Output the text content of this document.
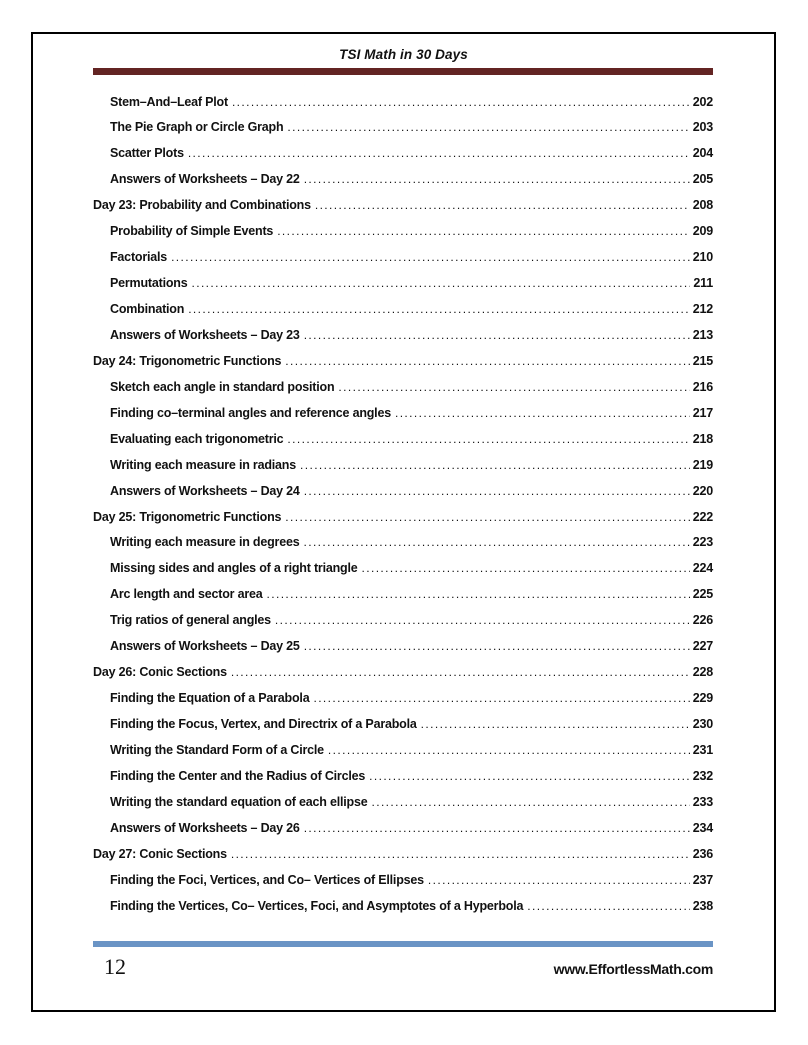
TSI Math in 30 Days
Stem–And–Leaf Plot .....	202
The Pie Graph or Circle Graph .....	203
Scatter Plots .....	204
Answers of Worksheets – Day 22 .....	205
Day 23: Probability and Combinations .....	208
Probability of Simple Events .....	209
Factorials .....	210
Permutations .....	211
Combination .....	212
Answers of Worksheets – Day 23 .....	213
Day 24: Trigonometric Functions .....	215
Sketch each angle in standard position .....	216
Finding co–terminal angles and reference angles .....	217
Evaluating each trigonometric .....	218
Writing each measure in radians .....	219
Answers of Worksheets – Day 24 .....	220
Day 25: Trigonometric Functions .....	222
Writing each measure in degrees .....	223
Missing sides and angles of a right triangle .....	224
Arc length and sector area .....	225
Trig ratios of general angles .....	226
Answers of Worksheets – Day 25 .....	227
Day 26: Conic Sections .....	228
Finding the Equation of a Parabola .....	229
Finding the Focus, Vertex, and Directrix of a Parabola .....	230
Writing the Standard Form of a Circle .....	231
Finding the Center and the Radius of Circles .....	232
Writing the standard equation of each ellipse .....	233
Answers of Worksheets – Day 26 .....	234
Day 27: Conic Sections .....	236
Finding the Foci, Vertices, and Co– Vertices of Ellipses .....	237
Finding the Vertices, Co– Vertices, Foci, and Asymptotes of a Hyperbola .....	238
12	www.EffortlessMath.com
